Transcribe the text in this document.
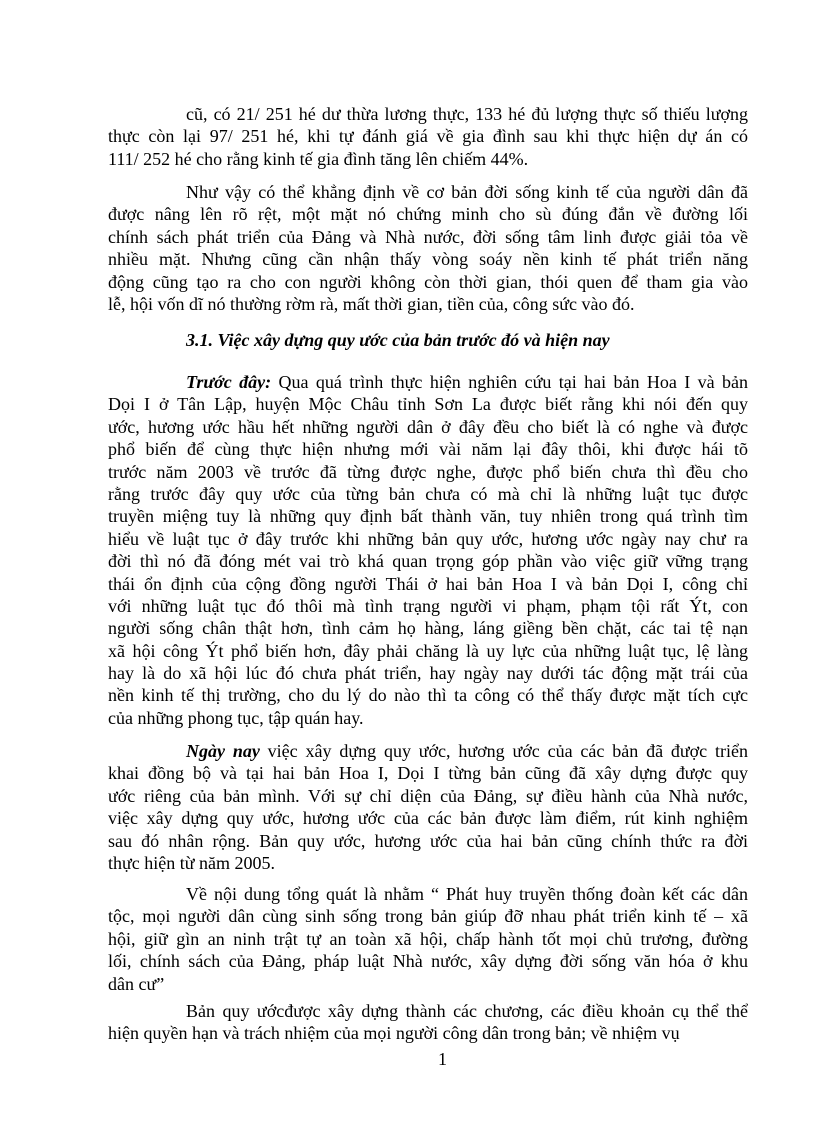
cũ, có 21/ 251 hé dư thừa lương thực, 133 hé đủ lượng thực số thiếu lượng
thực còn lại 97/ 251 hé, khi tự đánh giá về gia đình sau khi thực hiện dự án có
111/ 252 hé cho rằng kinh tế gia đình tăng lên chiếm 44%.
Như vậy có thể khẳng định về cơ bản đời sống kinh tế của người dân đã
được nâng lên rõ rệt, một mặt nó chứng minh cho sù đúng đắn về đường lối
chính sách phát triển của Đảng và Nhà nước, đời sống tâm linh được giải tỏa về
nhiều mặt. Nhưng cũng cần nhận thấy vòng soáy nền kinh tế phát triển năng
động cũng tạo ra cho con người không còn thời gian, thói quen để tham gia vào
lễ, hội vốn dĩ nó thường rờm rà, mất thời gian, tiền của, công sức vào đó.
3.1. Việc xây dựng quy ước của bản trước đó và hiện nay
Trước đây: Qua quá trình thực hiện nghiên cứu tại hai bản Hoa I và bản
Dọi I ở Tân Lập, huyện Mộc Châu tỉnh Sơn La được biết rằng khi nói đến quy
ước, hương ước hầu hết những người dân ở đây đều cho biết là có nghe và được
phổ biến để cùng thực hiện nhưng mới vài năm lại đây thôi, khi được hái tõ
trước năm 2003 về trước đã từng được nghe, được phổ biến chưa thì đều cho
rằng trước đây quy ước của từng bản chưa có mà chỉ là những luật tục được
truyền miệng tuy là những quy định bất thành văn, tuy nhiên trong quá trình tìm
hiểu về luật tục ở đây trước khi những bản quy ước, hương ước ngày nay chư ra
đời thì nó đã đóng mét vai trò khá quan trọng góp phần vào việc giữ vững trạng
thái ổn định của cộng đồng người Thái ở hai bản Hoa I và bản Dọi I, công chỉ
với những luật tục đó thôi mà tình trạng người vi phạm, phạm tội rất Ýt, con
người sống chân thật hơn, tình cảm họ hàng, láng giềng bền chặt, các tai tệ nạn
xã hội công Ýt phổ biến hơn, đây phải chăng là uy lực của những luật tục, lệ làng
hay là do xã hội lúc đó chưa phát triển, hay ngày nay dưới tác động mặt trái của
nền kinh tế thị trường, cho du lý do nào thì ta công có thể thấy được mặt tích cực
của những phong tục, tập quán hay.
Ngày nay việc xây dựng quy ước, hương ước của các bản đã được triển
khai đồng bộ và tại hai bản Hoa I, Dọi I từng bản cũng đã xây dựng được quy
ước riêng của bản mình. Với sự chỉ diện của Đảng, sự điều hành của Nhà nước,
việc xây dựng quy ước, hương ước của các bản được làm điểm, rút kinh nghiệm
sau đó nhân rộng. Bản quy ước, hương ước của hai bản cũng chính thức ra đời
thực hiện từ năm 2005.
Về nội dung tổng quát là nhằm “ Phát huy truyền thống đoàn kết các dân
tộc, mọi người dân cùng sinh sống trong bản giúp đỡ nhau phát triển kinh tế – xã
hội, giữ gìn an ninh trật tự an toàn xã hội, chấp hành tốt mọi chủ trương, đường
lối, chính sách của Đảng, pháp luật Nhà nước, xây dựng đời sống văn hóa ở khu
dân cư”
Bản quy ướcđược xây dựng thành các chương, các điều khoản cụ thể thể
hiện quyền hạn và trách nhiệm của mọi người công dân trong bản; về nhiệm vụ
1
